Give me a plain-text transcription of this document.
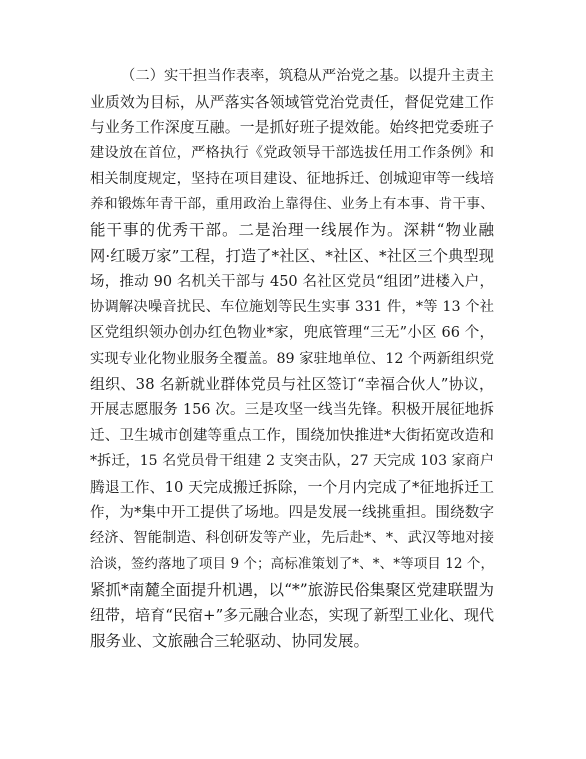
（二）实干担当作表率，筑稳从严治党之基。以提升主责主
业质效为目标，从严落实各领域管党治党责任，督促党建工作
与业务工作深度互融。一是抓好班子提效能。始终把党委班子
建设放在首位，严格执行《党政领导干部选拔任用工作条例》和
相关制度规定，坚持在项目建设、征地拆迁、创城迎审等一线培
养和锻炼年青干部，重用政治上靠得住、业务上有本事、肯干事、
能干事的优秀干部。二是治理一线展作为。深耕“物业融
网·红暖万家”工程，打造了*社区、*社区、*社区三个典型现
场，推动 90 名机关干部与 450 名社区党员“组团”进楼入户，
协调解决噪音扰民、车位施划等民生实事 331 件，*等 13 个社
区党组织领办创办红色物业*家，兜底管理“三无”小区 66 个，
实现专业化物业服务全覆盖。89 家驻地单位、12 个两新组织党
组织、38 名新就业群体党员与社区签订“幸福合伙人”协议，
开展志愿服务 156 次。三是攻坚一线当先锋。积极开展征地拆
迁、卫生城市创建等重点工作，围绕加快推进*大街拓宽改造和
*拆迁，15 名党员骨干组建 2 支突击队，27 天完成 103 家商户
腾退工作、10 天完成搬迁拆除，一个月内完成了*征地拆迁工
作，为*集中开工提供了场地。四是发展一线挑重担。围绕数字
经济、智能制造、科创研发等产业，先后赴*、*、武汉等地对接
洽谈，签约落地了项目 9 个；高标准策划了*、*、*等项目 12 个，
紧抓*南麓全面提升机遇，以“*”旅游民俗集聚区党建联盟为
纽带，培育“民宿+”多元融合业态，实现了新型工业化、现代
服务业、文旅融合三轮驱动、协同发展。
